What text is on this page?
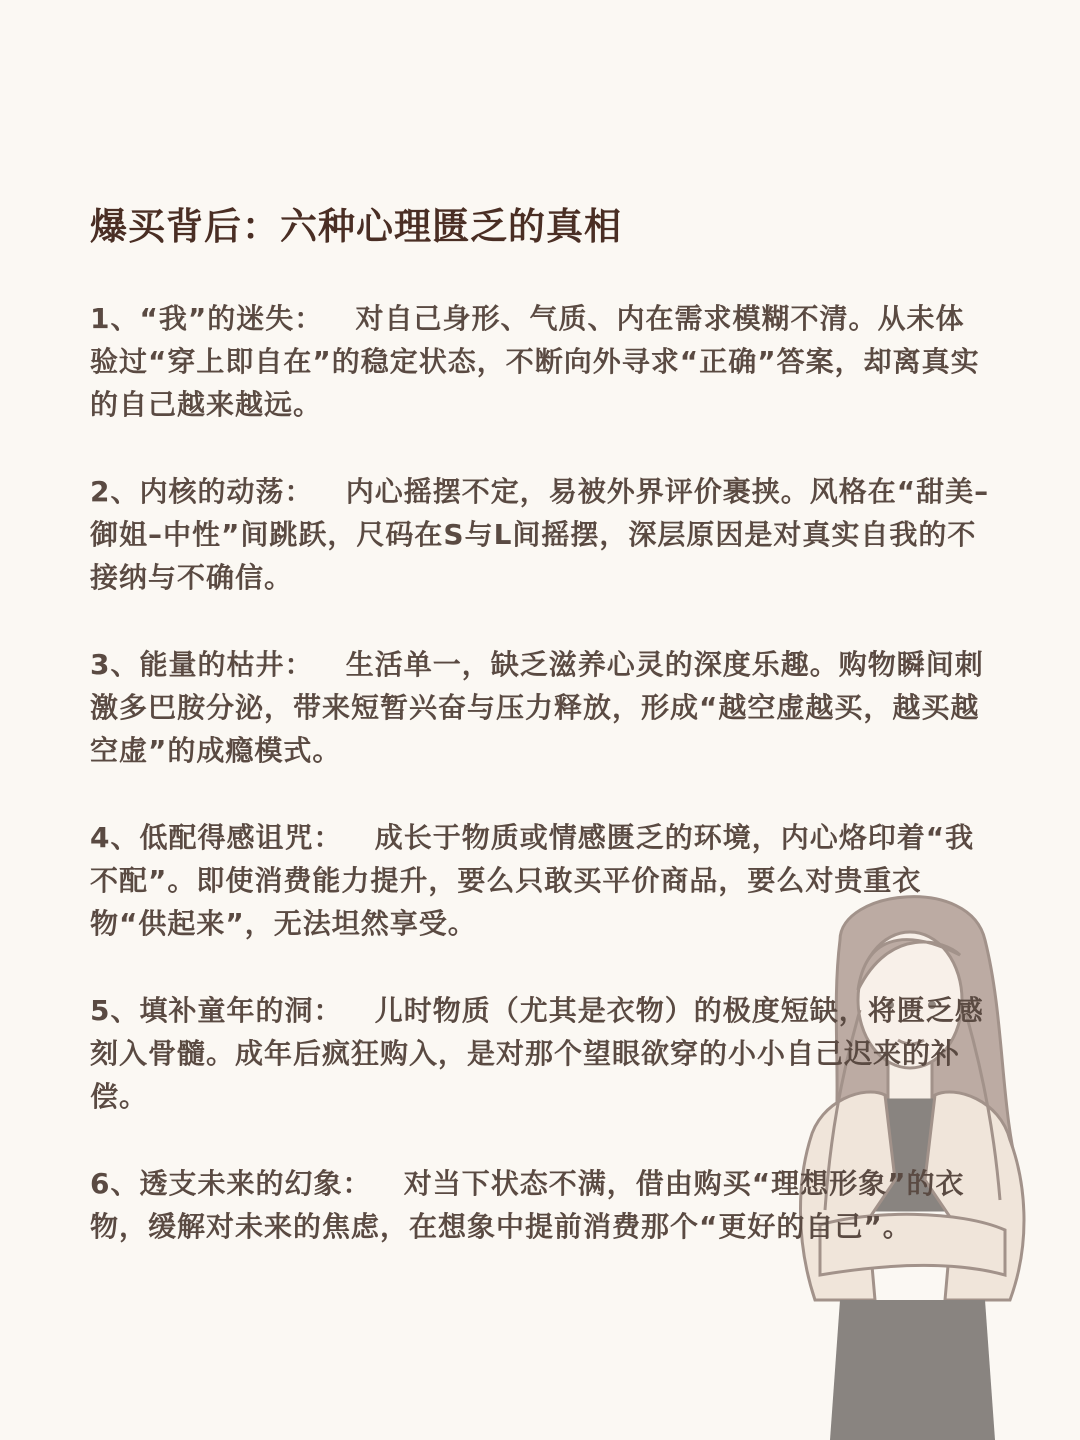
爆买背后：六种心理匮乏的真相

1、“我”的迷失：   对自己身形、气质、内在需求模糊不清。从未体验过“穿上即自在”的稳定状态，不断向外寻求“正确”答案，却离真实的自己越来越远。

2、内核的动荡：   内心摇摆不定，易被外界评价裹挟。风格在“甜美–御姐–中性”间跳跃，尺码在S与L间摇摆，深层原因是对真实自我的不接纳与不确信。

3、能量的枯井：   生活单一，缺乏滋养心灵的深度乐趣。购物瞬间刺激多巴胺分泌，带来短暂兴奋与压力释放，形成“越空虚越买，越买越空虚”的成瘾模式。

4、低配得感诅咒：   成长于物质或情感匮乏的环境，内心烙印着“我不配”。即使消费能力提升，要么只敢买平价商品，要么对贵重衣物“供起来”，无法坦然享受。

5、填补童年的洞：   儿时物质（尤其是衣物）的极度短缺，将匮乏感刻入骨髓。成年后疯狂购入，是对那个望眼欲穿的小小自己迟来的补偿。

6、透支未来的幻象：   对当下状态不满，借由购买“理想形象”的衣物，缓解对未来的焦虑，在想象中提前消费那个“更好的自己”。
